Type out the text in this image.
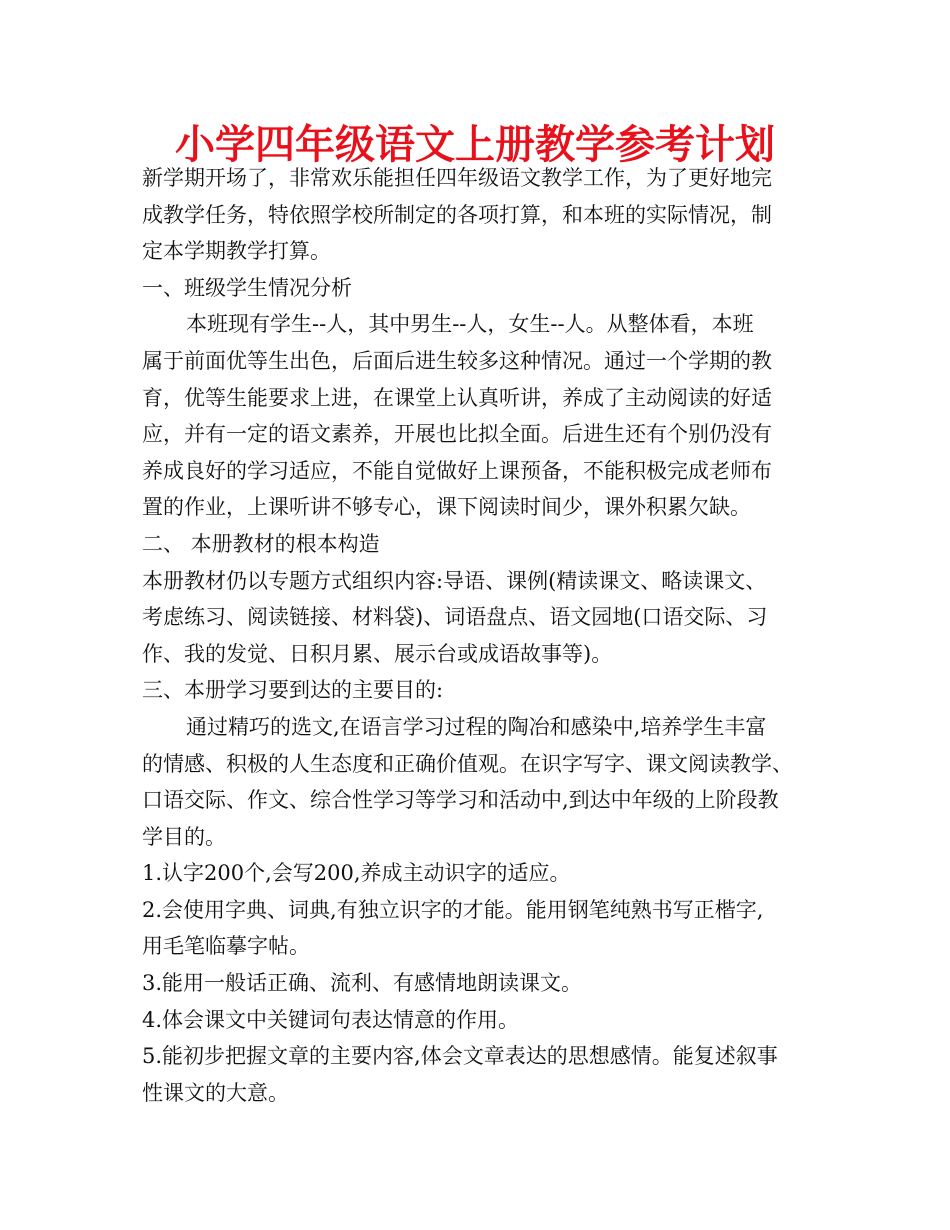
小学四年级语文上册教学参考计划
新学期开场了，非常欢乐能担任四年级语文教学工作，为了更好地完
成教学任务，特依照学校所制定的各项打算，和本班的实际情况，制
定本学期教学打算。
一、班级学生情况分析
本班现有学生--人，其中男生--人，女生--人。从整体看，本班
属于前面优等生出色，后面后进生较多这种情况。通过一个学期的教
育，优等生能要求上进，在课堂上认真听讲，养成了主动阅读的好适
应，并有一定的语文素养，开展也比拟全面。后进生还有个别仍没有
养成良好的学习适应，不能自觉做好上课预备，不能积极完成老师布
置的作业，上课听讲不够专心，课下阅读时间少，课外积累欠缺。
二、 本册教材的根本构造
本册教材仍以专题方式组织内容:导语、课例(精读课文、略读课文、
考虑练习、阅读链接、材料袋)、词语盘点、语文园地(口语交际、习
作、我的发觉、日积月累、展示台或成语故事等)。
三、本册学习要到达的主要目的:
通过精巧的选文,在语言学习过程的陶冶和感染中,培养学生丰富
的情感、积极的人生态度和正确价值观。在识字写字、课文阅读教学、
口语交际、作文、综合性学习等学习和活动中,到达中年级的上阶段教
学目的。
1.认字200个,会写200,养成主动识字的适应。
2.会使用字典、词典,有独立识字的才能。能用钢笔纯熟书写正楷字,
用毛笔临摹字帖。
3.能用一般话正确、流利、有感情地朗读课文。
4.体会课文中关键词句表达情意的作用。
5.能初步把握文章的主要内容,体会文章表达的思想感情。能复述叙事
性课文的大意。
